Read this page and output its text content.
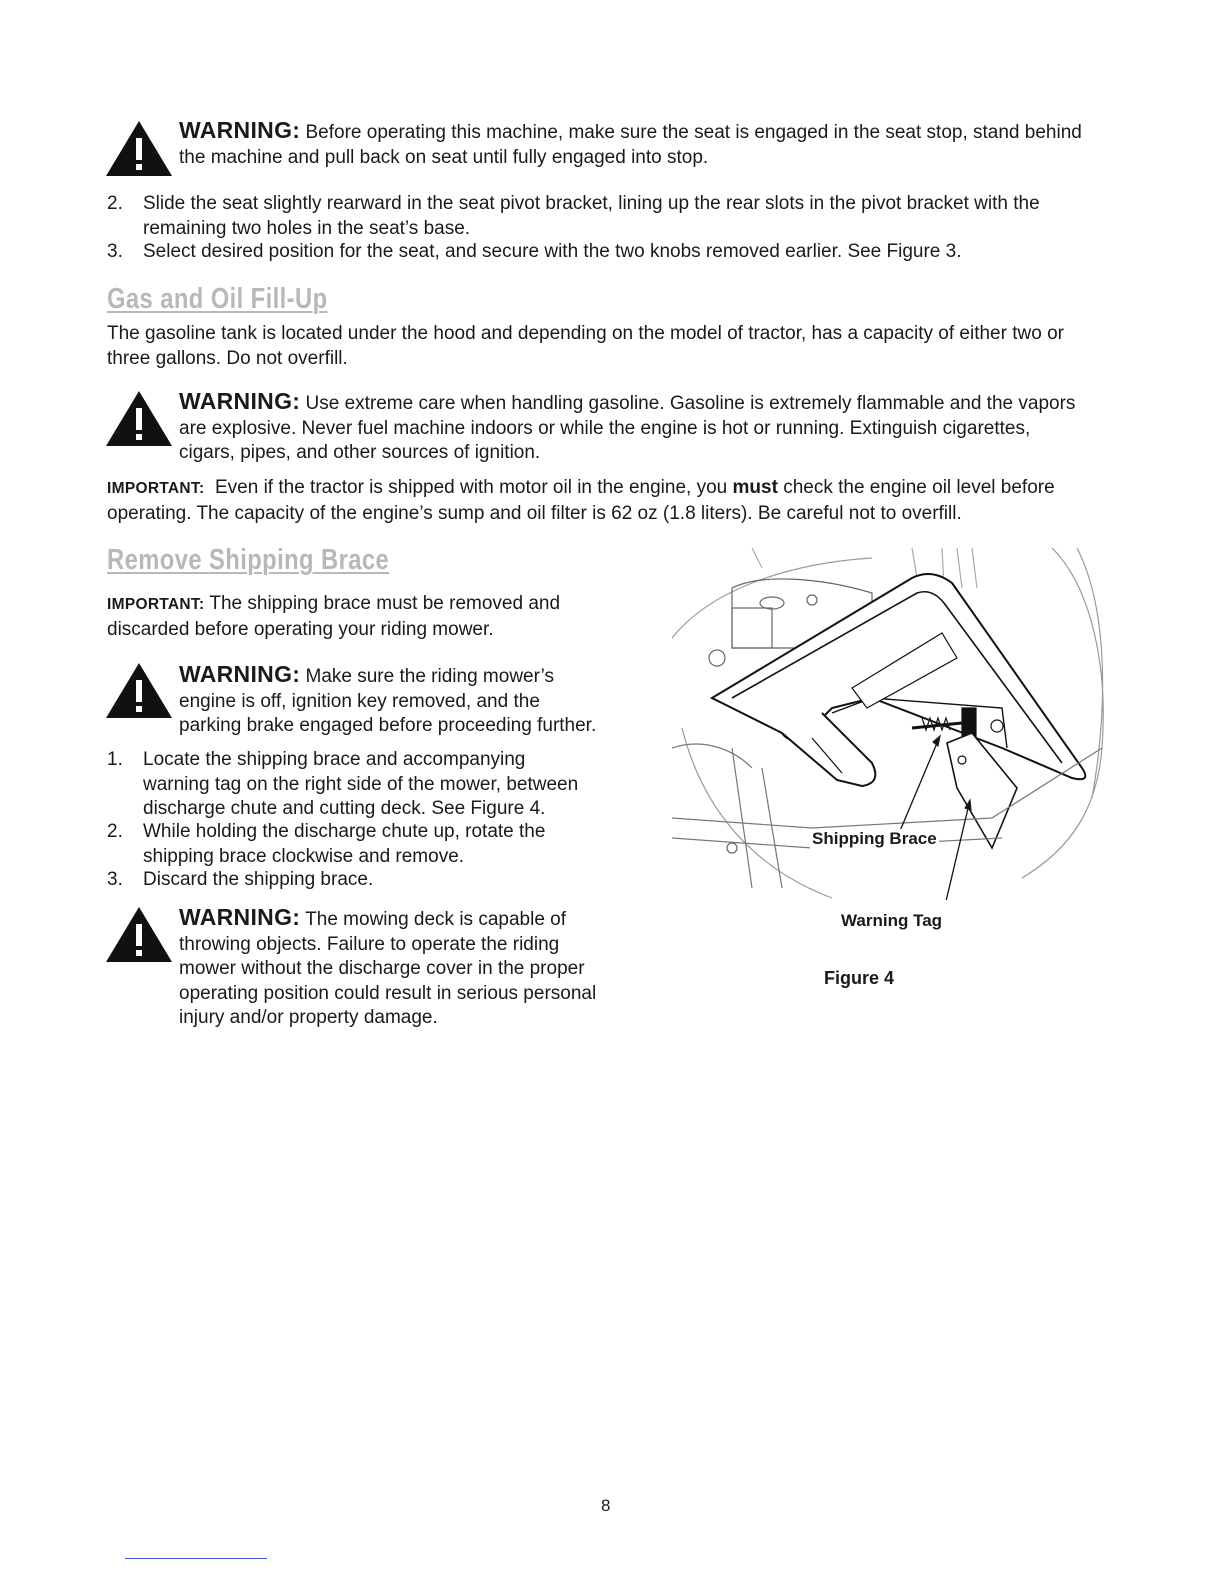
WARNING: Before operating this machine, make sure the seat is engaged in the seat stop, stand behind
the machine and pull back on seat until fully engaged into stop.
2.	Slide the seat slightly rearward in the seat pivot bracket, lining up the rear slots in the pivot bracket with the
remaining two holes in the seat’s base.
3.	Select desired position for the seat, and secure with the two knobs removed earlier. See Figure 3.
Gas and Oil Fill-Up
The gasoline tank is located under the hood and depending on the model of tractor, has a capacity of either two or
three gallons. Do not overfill.
WARNING: Use extreme care when handling gasoline. Gasoline is extremely flammable and the vapors
are explosive. Never fuel machine indoors or while the engine is hot or running. Extinguish cigarettes,
cigars, pipes, and other sources of ignition.
IMPORTANT: Even if the tractor is shipped with motor oil in the engine, you must check the engine oil level before
operating. The capacity of the engine’s sump and oil filter is 62 oz (1.8 liters). Be careful not to overfill.
Remove Shipping Brace
IMPORTANT: The shipping brace must be removed and
discarded before operating your riding mower.
WARNING: Make sure the riding mower’s
engine is off, ignition key removed, and the
parking brake engaged before proceeding further.
1.	Locate the shipping brace and accompanying
warning tag on the right side of the mower, between
discharge chute and cutting deck. See Figure 4.
2.	While holding the discharge chute up, rotate the
shipping brace clockwise and remove.
3.	Discard the shipping brace.
WARNING: The mowing deck is capable of
throwing objects. Failure to operate the riding
mower without the discharge cover in the proper
operating position could result in serious personal
injury and/or property damage.
Shipping Brace
Warning Tag
Figure 4
8
